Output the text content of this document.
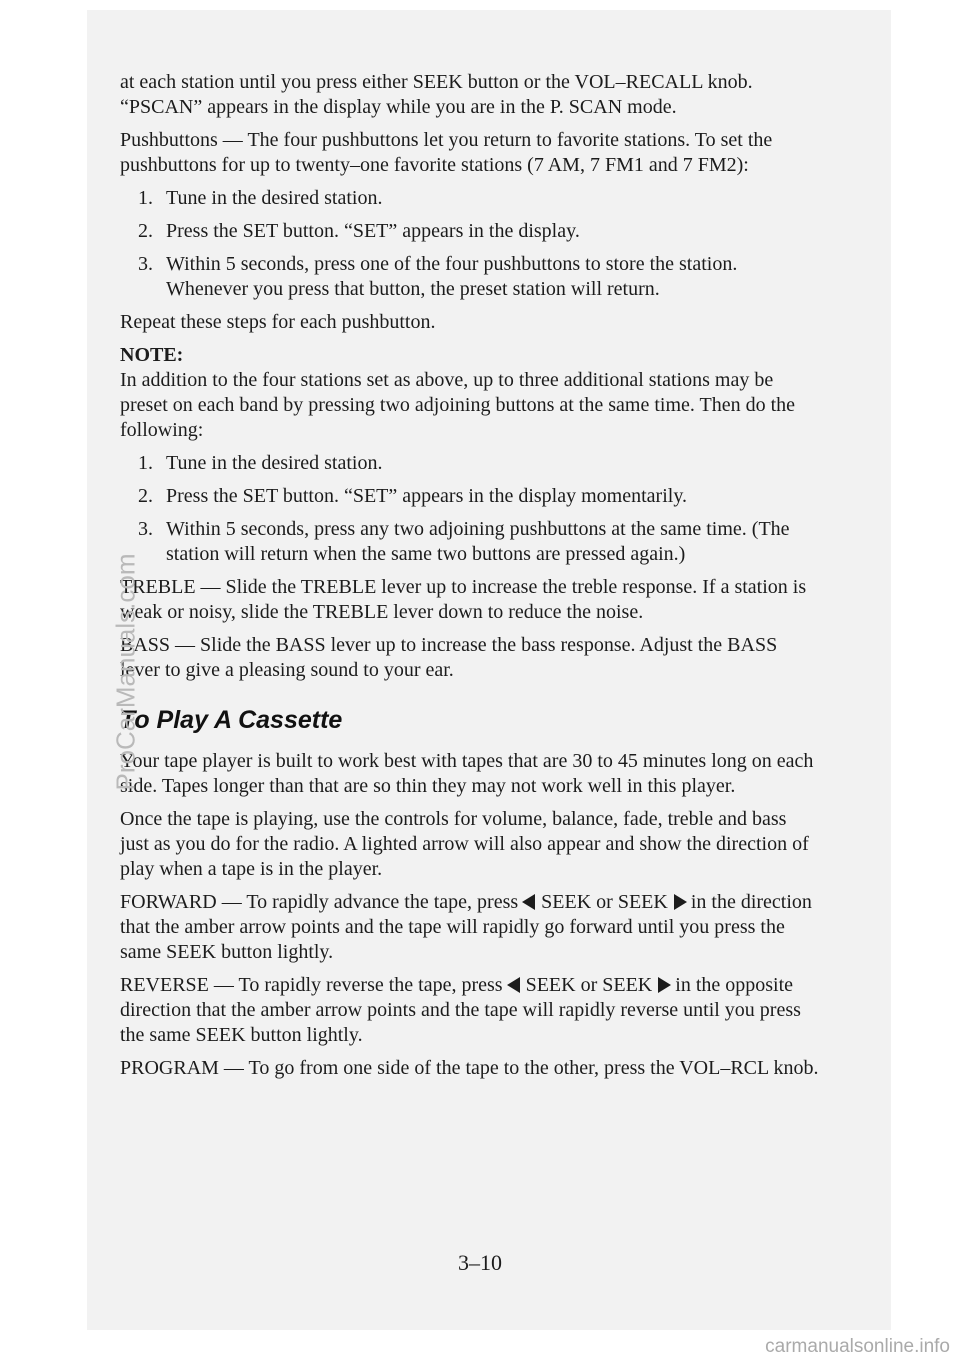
at each station until you press either SEEK button or the VOL–RECALL knob. “PSCAN” appears in the display while you are in the P. SCAN mode.

Pushbuttons — The four pushbuttons let you return to favorite stations. To set the pushbuttons for up to twenty–one favorite stations (7 AM, 7 FM1 and 7 FM2):

1. Tune in the desired station.
2. Press the SET button. “SET” appears in the display.
3. Within 5 seconds, press one of the four pushbuttons to store the station. Whenever you press that button, the preset station will return.

Repeat these steps for each pushbutton.

NOTE:

In addition to the four stations set as above, up to three additional stations may be preset on each band by pressing two adjoining buttons at the same time. Then do the following:

1. Tune in the desired station.
2. Press the SET button. “SET” appears in the display momentarily.
3. Within 5 seconds, press any two adjoining pushbuttons at the same time. (The station will return when the same two buttons are pressed again.)

TREBLE — Slide the TREBLE lever up to increase the treble response. If a station is weak or noisy, slide the TREBLE lever down to reduce the noise.

BASS — Slide the BASS lever up to increase the bass response. Adjust the BASS lever to give a pleasing sound to your ear.

To Play A Cassette

Your tape player is built to work best with tapes that are 30 to 45 minutes long on each side. Tapes longer than that are so thin they may not work well in this player.

Once the tape is playing, use the controls for volume, balance, fade, treble and bass just as you do for the radio. A lighted arrow will also appear and show the direction of play when a tape is in the player.

FORWARD — To rapidly advance the tape, press SEEK or SEEK in the direction that the amber arrow points and the tape will rapidly go forward until you press the same SEEK button lightly.

REVERSE — To rapidly reverse the tape, press SEEK or SEEK in the opposite direction that the amber arrow points and the tape will rapidly reverse until you press the same SEEK button lightly.

PROGRAM — To go from one side of the tape to the other, press the VOL–RCL knob.

3–10
ProCarManuals.com
carmanualsonline.info
